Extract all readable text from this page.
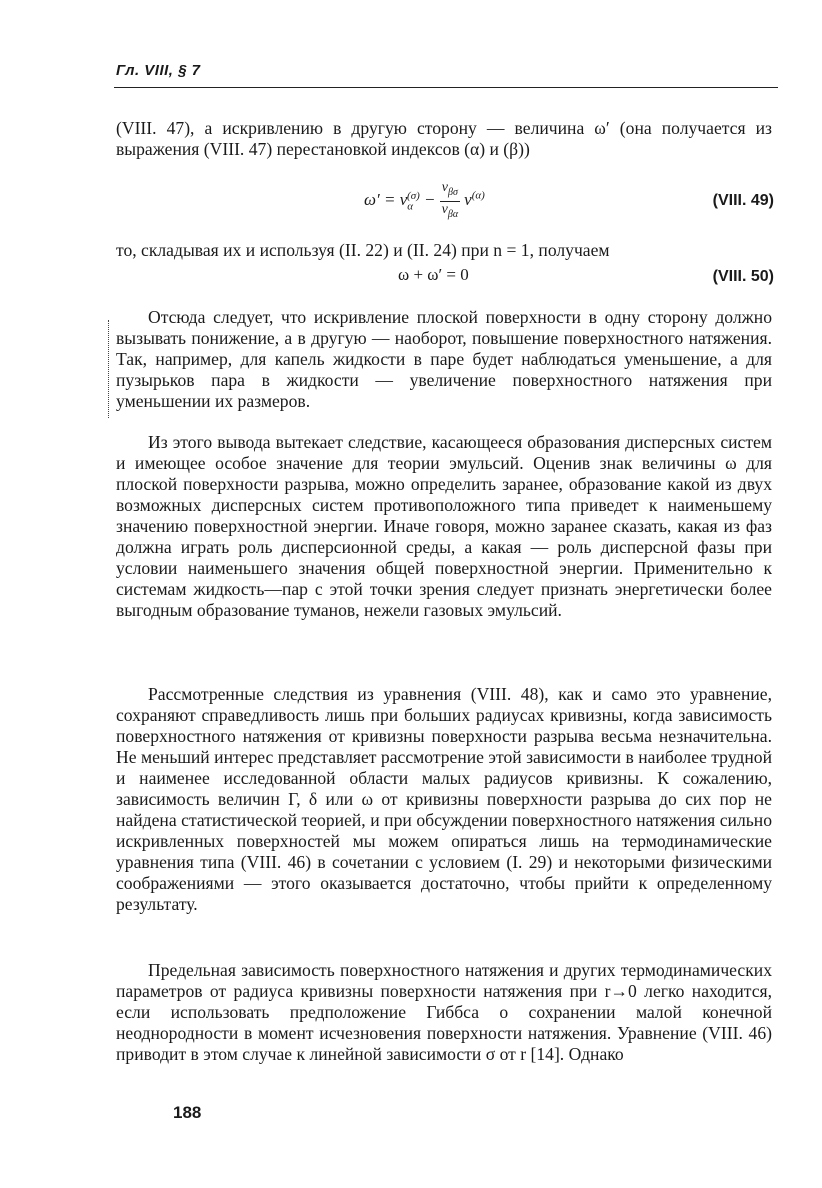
Гл. VIII, § 7
(VIII. 47), а искривлению в другую сторону — величина ω′ (она получается из выражения (VIII. 47) перестановкой индексов (α) и (β))
$\omega' = v_\alpha^{(\sigma)} - \frac{v_{\beta\sigma}}{v_{\beta\alpha}} v^{(\alpha)}$	(VIII. 49)
то, складывая их и используя (II. 22) и (II. 24) при n = 1, получаем
ω + ω′ = 0	(VIII. 50)
Отсюда следует, что искривление плоской поверхности в одну сторону должно вызывать понижение, а в другую — наоборот, повышение поверхностного натяжения. Так, например, для капель жидкости в паре будет наблюдаться уменьшение, а для пузырьков пара в жидкости — увеличение поверхностного натяжения при уменьшении их размеров.
Из этого вывода вытекает следствие, касающееся образования дисперсных систем и имеющее особое значение для теории эмульсий. Оценив знак величины ω для плоской поверхности разрыва, можно определить заранее, образование какой из двух возможных дисперсных систем противоположного типа приведет к наименьшему значению поверхностной энергии. Иначе говоря, можно заранее сказать, какая из фаз должна играть роль дисперсионной среды, а какая — роль дисперсной фазы при условии наименьшего значения общей поверхностной энергии. Применительно к системам жидкость—пар с этой точки зрения следует признать энергетически более выгодным образование туманов, нежели газовых эмульсий.
Рассмотренные следствия из уравнения (VIII. 48), как и само это уравнение, сохраняют справедливость лишь при больших радиусах кривизны, когда зависимость поверхностного натяжения от кривизны поверхности разрыва весьма незначительна. Не меньший интерес представляет рассмотрение этой зависимости в наиболее трудной и наименее исследованной области малых радиусов кривизны. К сожалению, зависимость величин Γ, δ или ω от кривизны поверхности разрыва до сих пор не найдена статистической теорией, и при обсуждении поверхностного натяжения сильно искривленных поверхностей мы можем опираться лишь на термодинамические уравнения типа (VIII. 46) в сочетании с условием (I. 29) и некоторыми физическими соображениями — этого оказывается достаточно, чтобы прийти к определенному результату.
Предельная зависимость поверхностного натяжения и других термодинамических параметров от радиуса кривизны поверхности натяжения при r→0 легко находится, если использовать предположение Гиббса о сохранении малой конечной неоднородности в момент исчезновения поверхности натяжения. Уравнение (VIII. 46) приводит в этом случае к линейной зависимости σ от r [14]. Однако
188
